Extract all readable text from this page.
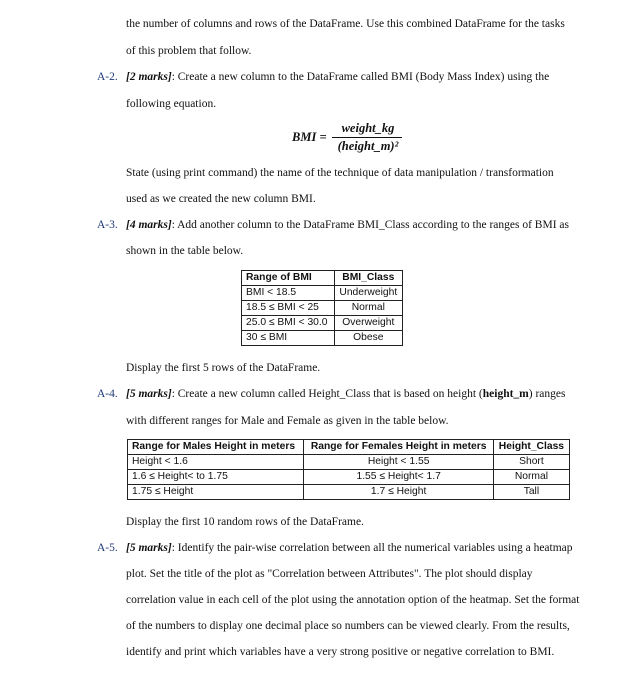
the number of columns and rows of the DataFrame. Use this combined DataFrame for the tasks
of this problem that follow.
A-2. [2 marks]: Create a new column to the DataFrame called BMI (Body Mass Index) using the
following equation.
BMI =
weight_kg
(height_m)²
State (using print command) the name of the technique of data manipulation / transformation
used as we created the new column BMI.
A-3. [4 marks]: Add another column to the DataFrame BMI_Class according to the ranges of BMI as
shown in the table below.
Range of BMI	BMI_Class
BMI < 18.5	Underweight
18.5 ≤ BMI < 25	Normal
25.0 ≤ BMI < 30.0	Overweight
30 ≤ BMI	Obese
Display the first 5 rows of the DataFrame.
A-4. [5 marks]: Create a new column called Height_Class that is based on height (height_m) ranges
with different ranges for Male and Female as given in the table below.
Range for Males Height in meters	Range for Females Height in meters	Height_Class
Height < 1.6	Height < 1.55	Short
1.6 ≤ Height< to 1.75	1.55 ≤ Height< 1.7	Normal
1.75 ≤ Height	1.7 ≤ Height	Tall
Display the first 10 random rows of the DataFrame.
A-5. [5 marks]: Identify the pair-wise correlation between all the numerical variables using a heatmap
plot. Set the title of the plot as "Correlation between Attributes". The plot should display
correlation value in each cell of the plot using the annotation option of the heatmap. Set the format
of the numbers to display one decimal place so numbers can be viewed clearly. From the results,
identify and print which variables have a very strong positive or negative correlation to BMI.
